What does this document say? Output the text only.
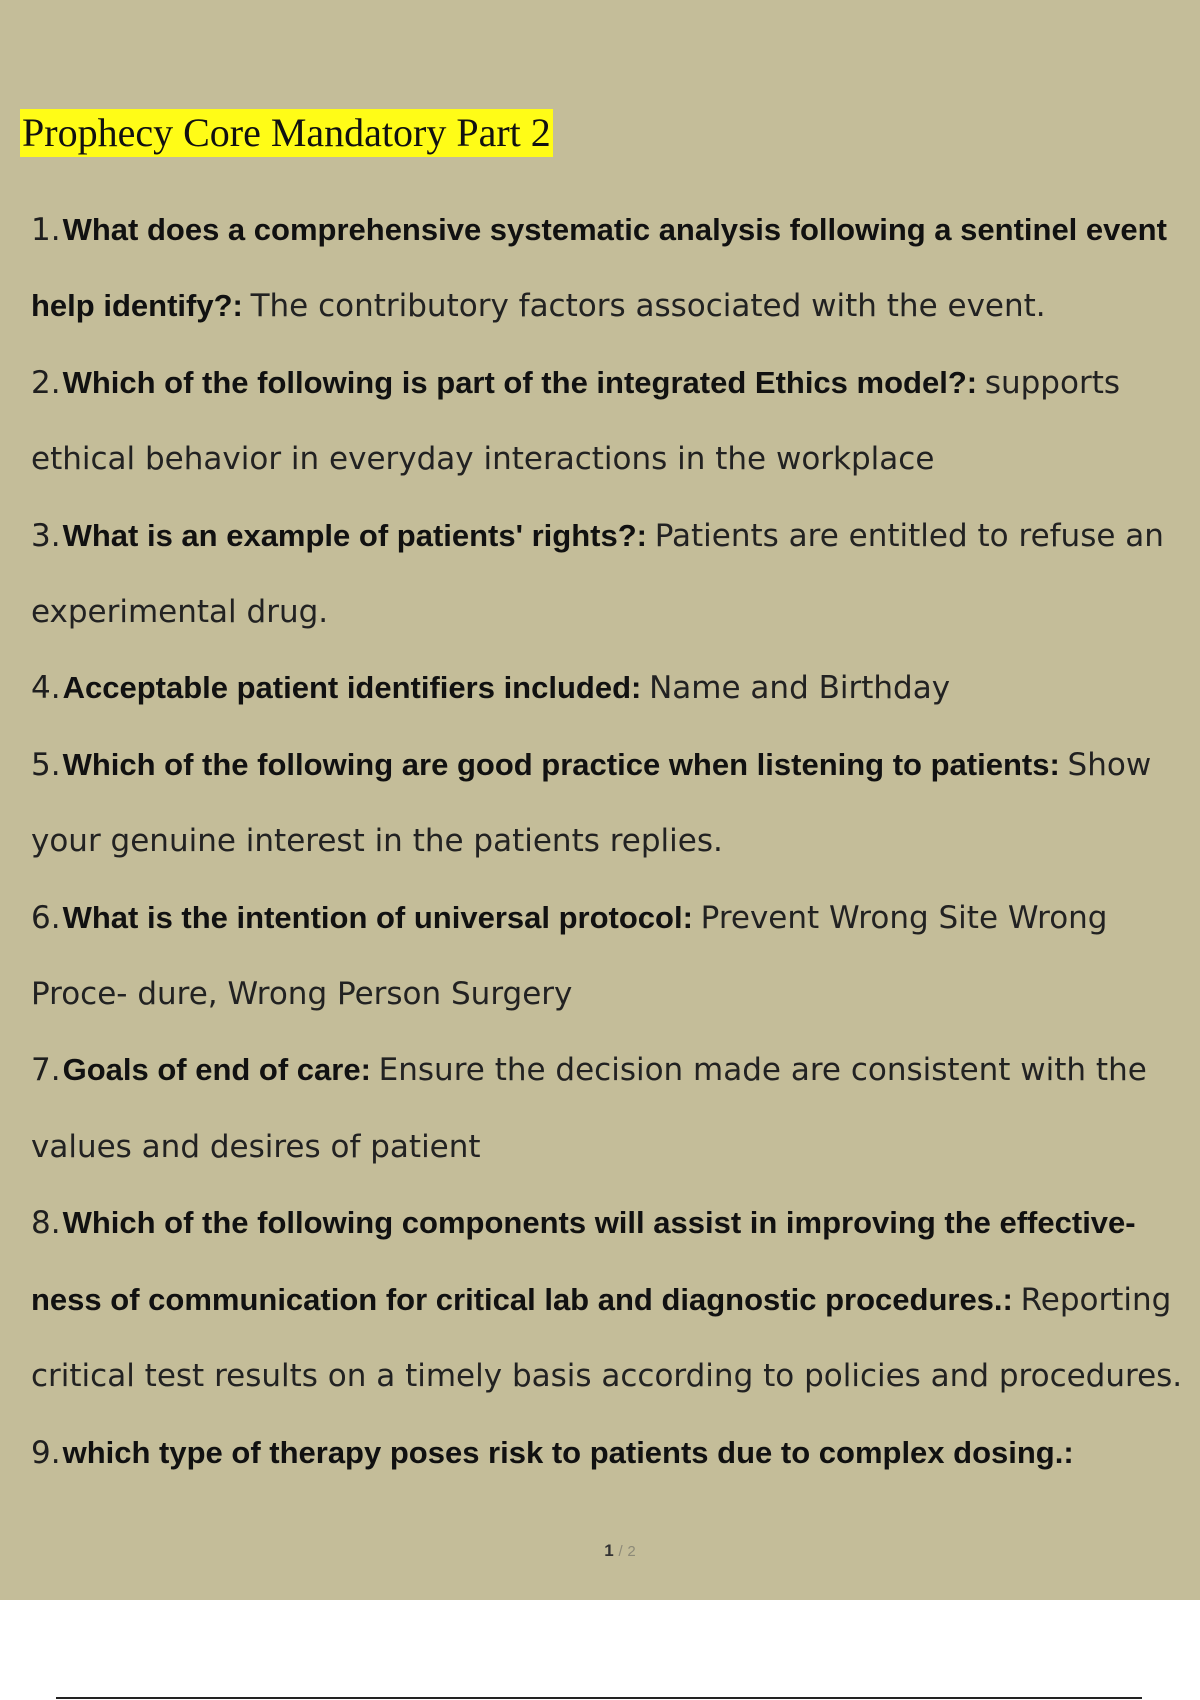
Prophecy Core Mandatory Part 2
1.What does a comprehensive systematic analysis following a sentinel event help identify?: The contributory factors associated with the event.
2.Which of the following is part of the integrated Ethics model?: supports ethical behavior in everyday interactions in the workplace
3.What is an example of patients' rights?: Patients are entitled to refuse an experimental drug.
4.Acceptable patient identifiers included: Name and Birthday
5.Which of the following are good practice when listening to patients: Show your genuine interest in the patients replies.
6.What is the intention of universal protocol: Prevent Wrong Site Wrong Proce- dure, Wrong Person Surgery
7.Goals of end of care: Ensure the decision made are consistent with the values and desires of patient
8.Which of the following components will assist in improving the effective- ness of communication for critical lab and diagnostic procedures.: Reporting critical test results on a timely basis according to policies and procedures.
9.which type of therapy poses risk to patients due to complex dosing.:
1 / 2
